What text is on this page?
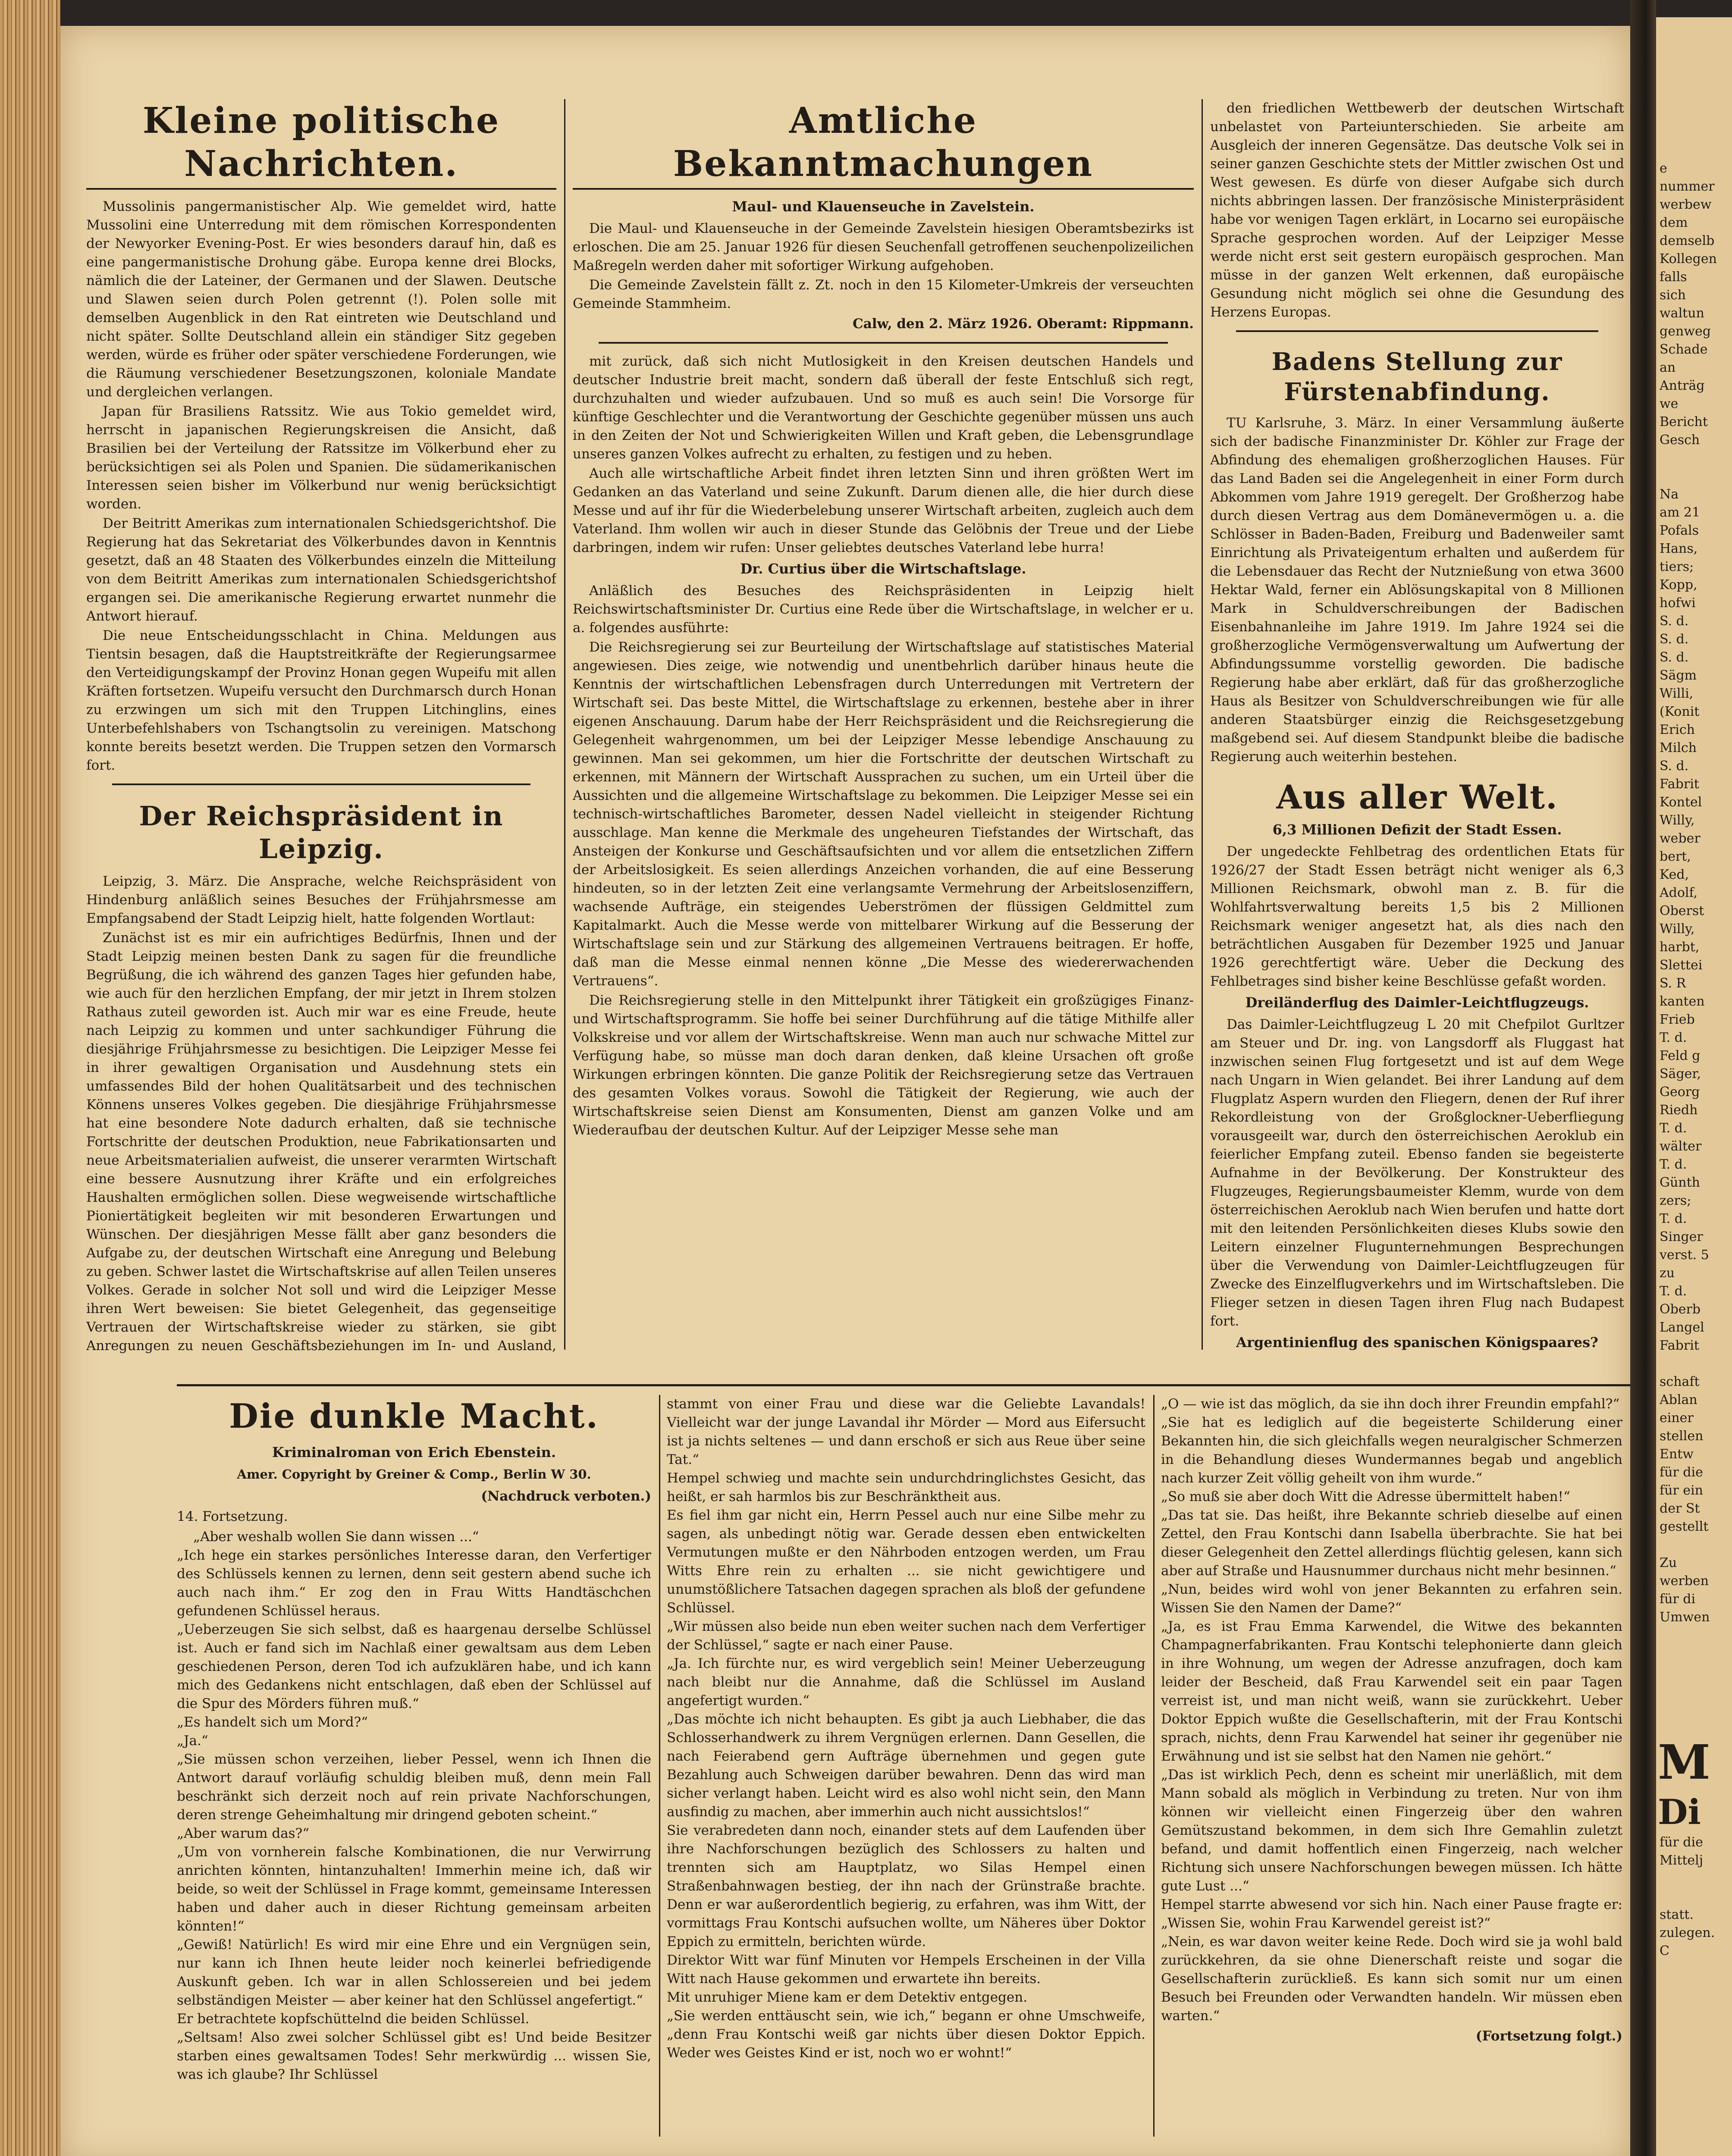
Kleine politische Nachrichten.

Mussolinis pangermanistischer Alp. Wie gemeldet wird, hatte Mussolini eine Unterredung mit dem römischen Korrespondenten der Newyorker Evening-Post. Er wies besonders darauf hin, daß es eine pangermanistische Drohung gäbe. Europa kenne drei Blocks, nämlich die der Lateiner, der Germanen und der Slawen. Deutsche und Slawen seien durch Polen getrennt (!). Polen solle mit demselben Augenblick in den Rat eintreten wie Deutschland und nicht später. Sollte Deutschland allein ein ständiger Sitz gegeben werden, würde es früher oder später verschiedene Forderungen, wie die Räumung verschiedener Besetzungszonen, koloniale Mandate und dergleichen verlangen.

Japan für Brasiliens Ratssitz. Wie aus Tokio gemeldet wird, herrscht in japanischen Regierungskreisen die Ansicht, daß Brasilien bei der Verteilung der Ratssitze im Völkerbund eher zu berücksichtigen sei als Polen und Spanien. Die südamerikanischen Interessen seien bisher im Völkerbund nur wenig berücksichtigt worden.

Der Beitritt Amerikas zum internationalen Schiedsgerichtshof. Die Regierung hat das Sekretariat des Völkerbundes davon in Kenntnis gesetzt, daß an 48 Staaten des Völkerbundes einzeln die Mitteilung von dem Beitritt Amerikas zum internationalen Schiedsgerichtshof ergangen sei. Die amerikanische Regierung erwartet nunmehr die Antwort hierauf.

Die neue Entscheidungsschlacht in China. Meldungen aus Tientsin besagen, daß die Hauptstreitkräfte der Regierungsarmee den Verteidigungskampf der Provinz Honan gegen Wupeifu mit allen Kräften fortsetzen. Wupeifu versucht den Durchmarsch durch Honan zu erzwingen um sich mit den Truppen Litchinglins, eines Unterbefehlshabers von Tschangtsolin zu vereinigen. Matschong konnte bereits besetzt werden. Die Truppen setzen den Vormarsch fort.

Der Reichspräsident in Leipzig.

Leipzig, 3. März. Die Ansprache, welche Reichspräsident von Hindenburg anläßlich seines Besuches der Frühjahrsmesse am Empfangsabend der Stadt Leipzig hielt, hatte folgenden Wortlaut:

Zunächst ist es mir ein aufrichtiges Bedürfnis, Ihnen und der Stadt Leipzig meinen besten Dank zu sagen für die freundliche Begrüßung, die ich während des ganzen Tages hier gefunden habe, wie auch für den herzlichen Empfang, der mir jetzt in Ihrem stolzen Rathaus zuteil geworden ist. Auch mir war es eine Freude, heute nach Leipzig zu kommen und unter sachkundiger Führung die diesjährige Frühjahrsmesse zu besichtigen. Die Leipziger Messe fei in ihrer gewaltigen Organisation und Ausdehnung stets ein umfassendes Bild der hohen Qualitätsarbeit und des technischen Könnens unseres Volkes gegeben. Die diesjährige Frühjahrsmesse hat eine besondere Note dadurch erhalten, daß sie technische Fortschritte der deutschen Produktion, neue Fabrikationsarten und neue Arbeitsmaterialien aufweist, die unserer verarmten Wirtschaft eine bessere Ausnutzung ihrer Kräfte und ein erfolgreiches Haushalten ermöglichen sollen. Diese wegweisende wirtschaftliche Pioniertätigkeit begleiten wir mit besonderen Erwartungen und Wünschen. Der diesjährigen Messe fällt aber ganz besonders die Aufgabe zu, der deutschen Wirtschaft eine Anregung und Belebung zu geben. Schwer lastet die Wirtschaftskrise auf allen Teilen unseres Volkes. Gerade in solcher Not soll und wird die Leipziger Messe ihren Wert beweisen: Sie bietet Gelegenheit, das gegenseitige Vertrauen der Wirtschaftskreise wieder zu stärken, sie gibt Anregungen zu neuen Geschäftsbeziehungen im In- und Ausland,

Amtliche Bekanntmachungen
Maul- und Klauenseuche in Zavelstein.

Die Maul- und Klauenseuche in der Gemeinde Zavelstein hiesigen Oberamtsbezirks ist erloschen. Die am 25. Januar 1926 für diesen Seuchenfall getroffenen seuchenpolizeilichen Maßregeln werden daher mit sofortiger Wirkung aufgehoben.

Die Gemeinde Zavelstein fällt z. Zt. noch in den 15 Kilometer-Umkreis der verseuchten Gemeinde Stammheim.

Calw, den 2. März 1926. Oberamt: Rippmann.

mit zurück, daß sich nicht Mutlosigkeit in den Kreisen deutschen Handels und deutscher Industrie breit macht, sondern daß überall der feste Entschluß sich regt, durchzuhalten und wieder aufzubauen. Und so muß es auch sein! Die Vorsorge für künftige Geschlechter und die Verantwortung der Geschichte gegenüber müssen uns auch in den Zeiten der Not und Schwierigkeiten Willen und Kraft geben, die Lebensgrundlage unseres ganzen Volkes aufrecht zu erhalten, zu festigen und zu heben.

Auch alle wirtschaftliche Arbeit findet ihren letzten Sinn und ihren größten Wert im Gedanken an das Vaterland und seine Zukunft. Darum dienen alle, die hier durch diese Messe und auf ihr für die Wiederbelebung unserer Wirtschaft arbeiten, zugleich auch dem Vaterland. Ihm wollen wir auch in dieser Stunde das Gelöbnis der Treue und der Liebe darbringen, indem wir rufen: Unser geliebtes deutsches Vaterland lebe hurra!

Dr. Curtius über die Wirtschaftslage.

Anläßlich des Besuches des Reichspräsidenten in Leipzig hielt Reichswirtschaftsminister Dr. Curtius eine Rede über die Wirtschaftslage, in welcher er u. a. folgendes ausführte:

Die Reichsregierung sei zur Beurteilung der Wirtschaftslage auf statistisches Material angewiesen. Dies zeige, wie notwendig und unentbehrlich darüber hinaus heute die Kenntnis der wirtschaftlichen Lebensfragen durch Unterredungen mit Vertretern der Wirtschaft sei. Das beste Mittel, die Wirtschaftslage zu erkennen, bestehe aber in ihrer eigenen Anschauung. Darum habe der Herr Reichspräsident und die Reichsregierung die Gelegenheit wahrgenommen, um bei der Leipziger Messe lebendige Anschauung zu gewinnen. Man sei gekommen, um hier die Fortschritte der deutschen Wirtschaft zu erkennen, mit Männern der Wirtschaft Aussprachen zu suchen, um ein Urteil über die Aussichten und die allgemeine Wirtschaftslage zu bekommen. Die Leipziger Messe sei ein technisch-wirtschaftliches Barometer, dessen Nadel vielleicht in steigender Richtung ausschlage. Man kenne die Merkmale des ungeheuren Tiefstandes der Wirtschaft, das Ansteigen der Konkurse und Geschäftsaufsichten und vor allem die entsetzlichen Ziffern der Arbeitslosigkeit. Es seien allerdings Anzeichen vorhanden, die auf eine Besserung hindeuten, so in der letzten Zeit eine verlangsamte Vermehrung der Arbeitslosenziffern, wachsende Aufträge, ein steigendes Ueberströmen der flüssigen Geldmittel zum Kapitalmarkt. Auch die Messe werde von mittelbarer Wirkung auf die Besserung der Wirtschaftslage sein und zur Stärkung des allgemeinen Vertrauens beitragen. Er hoffe, daß man die Messe einmal nennen könne „Die Messe des wiedererwachenden Vertrauens“.

Die Reichsregierung stelle in den Mittelpunkt ihrer Tätigkeit ein großzügiges Finanz- und Wirtschaftsprogramm. Sie hoffe bei seiner Durchführung auf die tätige Mithilfe aller Volkskreise und vor allem der Wirtschaftskreise. Wenn man auch nur schwache Mittel zur Verfügung habe, so müsse man doch daran denken, daß kleine Ursachen oft große Wirkungen erbringen könnten. Die ganze Politik der Reichsregierung setze das Vertrauen des gesamten Volkes voraus. Sowohl die Tätigkeit der Regierung, wie auch der Wirtschaftskreise seien Dienst am Konsumenten, Dienst am ganzen Volke und am Wiederaufbau der deutschen Kultur. Auf der Leipziger Messe sehe man

den friedlichen Wettbewerb der deutschen Wirtschaft unbelastet von Parteiunterschieden. Sie arbeite am Ausgleich der inneren Gegensätze. Das deutsche Volk sei in seiner ganzen Geschichte stets der Mittler zwischen Ost und West gewesen. Es dürfe von dieser Aufgabe sich durch nichts abbringen lassen. Der französische Ministerpräsident habe vor wenigen Tagen erklärt, in Locarno sei europäische Sprache gesprochen worden. Auf der Leipziger Messe werde nicht erst seit gestern europäisch gesprochen. Man müsse in der ganzen Welt erkennen, daß europäische Gesundung nicht möglich sei ohne die Gesundung des Herzens Europas.

Badens Stellung zur Fürstenabfindung.

TU Karlsruhe, 3. März. In einer Versammlung äußerte sich der badische Finanzminister Dr. Köhler zur Frage der Abfindung des ehemaligen großherzoglichen Hauses. Für das Land Baden sei die Angelegenheit in einer Form durch Abkommen vom Jahre 1919 geregelt. Der Großherzog habe durch diesen Vertrag aus dem Domänevermögen u. a. die Schlösser in Baden-Baden, Freiburg und Badenweiler samt Einrichtung als Privateigentum erhalten und außerdem für die Lebensdauer das Recht der Nutznießung von etwa 3600 Hektar Wald, ferner ein Ablösungskapital von 8 Millionen Mark in Schuldverschreibungen der Badischen Eisenbahnanleihe im Jahre 1919. Im Jahre 1924 sei die großherzogliche Vermögensverwaltung um Aufwertung der Abfindungssumme vorstellig geworden. Die badische Regierung habe aber erklärt, daß für das großherzogliche Haus als Besitzer von Schuldverschreibungen wie für alle anderen Staatsbürger einzig die Reichsgesetzgebung maßgebend sei. Auf diesem Standpunkt bleibe die badische Regierung auch weiterhin bestehen.

Aus aller Welt.
6,3 Millionen Defizit der Stadt Essen.

Der ungedeckte Fehlbetrag des ordentlichen Etats für 1926/27 der Stadt Essen beträgt nicht weniger als 6,3 Millionen Reichsmark, obwohl man z. B. für die Wohlfahrtsverwaltung bereits 1,5 bis 2 Millionen Reichsmark weniger angesetzt hat, als dies nach den beträchtlichen Ausgaben für Dezember 1925 und Januar 1926 gerechtfertigt wäre. Ueber die Deckung des Fehlbetrages sind bisher keine Beschlüsse gefaßt worden.

Dreiländerflug des Daimler-Leichtflugzeugs.

Das Daimler-Leichtflugzeug L 20 mit Chefpilot Gurltzer am Steuer und Dr. ing. von Langsdorff als Fluggast hat inzwischen seinen Flug fortgesetzt und ist auf dem Wege nach Ungarn in Wien gelandet. Bei ihrer Landung auf dem Flugplatz Aspern wurden den Fliegern, denen der Ruf ihrer Rekordleistung von der Großglockner-Ueberfliegung vorausgeeilt war, durch den österreichischen Aeroklub ein feierlicher Empfang zuteil. Ebenso fanden sie begeisterte Aufnahme in der Bevölkerung. Der Konstrukteur des Flugzeuges, Regierungsbaumeister Klemm, wurde von dem österreichischen Aeroklub nach Wien berufen und hatte dort mit den leitenden Persönlichkeiten dieses Klubs sowie den Leitern einzelner Flugunternehmungen Besprechungen über die Verwendung von Daimler-Leichtflugzeugen für Zwecke des Einzelflugverkehrs und im Wirtschaftsleben. Die Flieger setzen in diesen Tagen ihren Flug nach Budapest fort.

Argentinienflug des spanischen Königspaares?

Die dunkle Macht.
Kriminalroman von Erich Ebenstein.
Amer. Copyright by Greiner & Comp., Berlin W 30.
(Nachdruck verboten.)
14. Fortsetzung.
„Aber weshalb wollen Sie dann wissen ...“
„Ich hege ein starkes persönliches Interesse daran, den Verfertiger des Schlüssels kennen zu lernen, denn seit gestern abend suche ich auch nach ihm.“ Er zog den in Frau Witts Handtäschchen gefundenen Schlüssel heraus.
„Ueberzeugen Sie sich selbst, daß es haargenau derselbe Schlüssel ist. Auch er fand sich im Nachlaß einer gewaltsam aus dem Leben geschiedenen Person, deren Tod ich aufzuklären habe, und ich kann mich des Gedankens nicht entschlagen, daß eben der Schlüssel auf die Spur des Mörders führen muß.“
„Es handelt sich um Mord?“
„Ja.“
„Sie müssen schon verzeihen, lieber Pessel, wenn ich Ihnen die Antwort darauf vorläufig schuldig bleiben muß, denn mein Fall beschränkt sich derzeit noch auf rein private Nachforschungen, deren strenge Geheimhaltung mir dringend geboten scheint.“
„Aber warum das?“
„Um von vornherein falsche Kombinationen, die nur Verwirrung anrichten könnten, hintanzuhalten! Immerhin meine ich, daß wir beide, so weit der Schlüssel in Frage kommt, gemeinsame Interessen haben und daher auch in dieser Richtung gemeinsam arbeiten könnten!“
„Gewiß! Natürlich! Es wird mir eine Ehre und ein Vergnügen sein, nur kann ich Ihnen heute leider noch keinerlei befriedigende Auskunft geben. Ich war in allen Schlossereien und bei jedem selbständigen Meister — aber keiner hat den Schlüssel angefertigt.“
Er betrachtete kopfschüttelnd die beiden Schlüssel.
„Seltsam! Also zwei solcher Schlüssel gibt es! Und beide Besitzer starben eines gewaltsamen Todes! Sehr merkwürdig ... wissen Sie, was ich glaube? Ihr Schlüssel
stammt von einer Frau und diese war die Geliebte Lavandals! Vielleicht war der junge Lavandal ihr Mörder — Mord aus Eifersucht ist ja nichts seltenes — und dann erschoß er sich aus Reue über seine Tat.“
Hempel schwieg und machte sein undurchdringlichstes Gesicht, das heißt, er sah harmlos bis zur Beschränktheit aus.
Es fiel ihm gar nicht ein, Herrn Pessel auch nur eine Silbe mehr zu sagen, als unbedingt nötig war. Gerade dessen eben entwickelten Vermutungen mußte er den Nährboden entzogen werden, um Frau Witts Ehre rein zu erhalten ... sie nicht gewichtigere und unumstößlichere Tatsachen dagegen sprachen als bloß der gefundene Schlüssel.
„Wir müssen also beide nun eben weiter suchen nach dem Verfertiger der Schlüssel,“ sagte er nach einer Pause.
„Ja. Ich fürchte nur, es wird vergeblich sein! Meiner Ueberzeugung nach bleibt nur die Annahme, daß die Schlüssel im Ausland angefertigt wurden.“
„Das möchte ich nicht behaupten. Es gibt ja auch Liebhaber, die das Schlosserhandwerk zu ihrem Vergnügen erlernen. Dann Gesellen, die nach Feierabend gern Aufträge übernehmen und gegen gute Bezahlung auch Schweigen darüber bewahren. Denn das wird man sicher verlangt haben. Leicht wird es also wohl nicht sein, den Mann ausfindig zu machen, aber immerhin auch nicht aussichtslos!“
Sie verabredeten dann noch, einander stets auf dem Laufenden über ihre Nachforschungen bezüglich des Schlossers zu halten und trennten sich am Hauptplatz, wo Silas Hempel einen Straßenbahnwagen bestieg, der ihn nach der Grünstraße brachte. Denn er war außerordentlich begierig, zu erfahren, was ihm Witt, der vormittags Frau Kontschi aufsuchen wollte, um Näheres über Doktor Eppich zu ermitteln, berichten würde.
Direktor Witt war fünf Minuten vor Hempels Erscheinen in der Villa Witt nach Hause gekommen und erwartete ihn bereits.
Mit unruhiger Miene kam er dem Detektiv entgegen.
„Sie werden enttäuscht sein, wie ich,“ begann er ohne Umschweife, „denn Frau Kontschi weiß gar nichts über diesen Doktor Eppich. Weder wes Geistes Kind er ist, noch wo er wohnt!“
„O — wie ist das möglich, da sie ihn doch ihrer Freundin empfahl?“
„Sie hat es lediglich auf die begeisterte Schilderung einer Bekannten hin, die sich gleichfalls wegen neuralgischer Schmerzen in die Behandlung dieses Wundermannes begab und angeblich nach kurzer Zeit völlig geheilt von ihm wurde.“
„So muß sie aber doch Witt die Adresse übermittelt haben!“
„Das tat sie. Das heißt, ihre Bekannte schrieb dieselbe auf einen Zettel, den Frau Kontschi dann Isabella überbrachte. Sie hat bei dieser Gelegenheit den Zettel allerdings flüchtig gelesen, kann sich aber auf Straße und Hausnummer durchaus nicht mehr besinnen.“
„Nun, beides wird wohl von jener Bekannten zu erfahren sein. Wissen Sie den Namen der Dame?“
„Ja, es ist Frau Emma Karwendel, die Witwe des bekannten Champagnerfabrikanten. Frau Kontschi telephonierte dann gleich in ihre Wohnung, um wegen der Adresse anzufragen, doch kam leider der Bescheid, daß Frau Karwendel seit ein paar Tagen verreist ist, und man nicht weiß, wann sie zurückkehrt. Ueber Doktor Eppich wußte die Gesellschafterin, mit der Frau Kontschi sprach, nichts, denn Frau Karwendel hat seiner ihr gegenüber nie Erwähnung und ist sie selbst hat den Namen nie gehört.“
„Das ist wirklich Pech, denn es scheint mir unerläßlich, mit dem Mann sobald als möglich in Verbindung zu treten. Nur von ihm können wir vielleicht einen Fingerzeig über den wahren Gemütszustand bekommen, in dem sich Ihre Gemahlin zuletzt befand, und damit hoffentlich einen Fingerzeig, nach welcher Richtung sich unsere Nachforschungen bewegen müssen. Ich hätte gute Lust ...“
Hempel starrte abwesend vor sich hin. Nach einer Pause fragte er: „Wissen Sie, wohin Frau Karwendel gereist ist?“
„Nein, es war davon weiter keine Rede. Doch wird sie ja wohl bald zurückkehren, da sie ohne Dienerschaft reiste und sogar die Gesellschafterin zurückließ. Es kann sich somit nur um einen Besuch bei Freunden oder Verwandten handeln. Wir müssen eben warten.“
(Fortsetzung folgt.)
e
nummer
werbew
dem
demselb
Kollegen
falls
sich
waltun
genweg
Schade
an
Anträg
we
Bericht
Gesch

Na
am 21
Pofals
Hans,
tiers;
Kopp,
hofwi
S. d.
S. d.
S. d.
Sägm
Willi,
(Konit
Erich
Milch
S. d.
Fabrit
Kontel
Willy,
weber
bert,
Ked,
Adolf,
Oberst
Willy,
harbt,
Slettei
S. R
kanten
Frieb
T. d.
Feld g
Säger,
Georg
Riedh
T. d.
wälter
T. d.
Günth
zers;
T. d.
Singer
verst. 5
zu
T. d.
Oberb
Langel
Fabrit

schaft
Ablan
einer
stellen
Entw
für die
für ein
der St
gestellt

Zu
werben
für di
Umwen

M
Di
für die
Mittelj

statt.
zulegen.
C
